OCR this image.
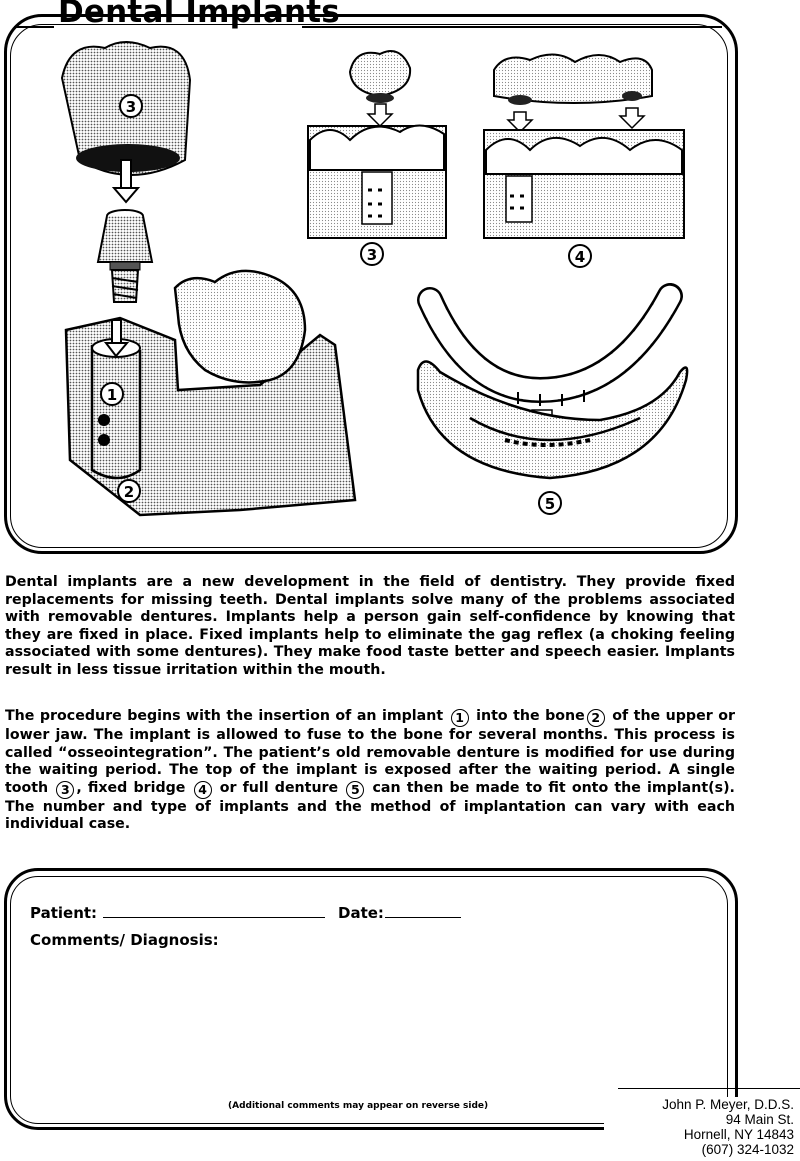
Dental Implants
3
1
2
3	4
5

Dental implants are a new development in the field of dentistry. They provide fixed replacements for missing teeth. Dental implants solve many of the problems associated with removable dentures. Implants help a person gain self-confidence by knowing that they are fixed in place. Fixed implants help to eliminate the gag reflex (a choking feeling associated with some dentures). They make food taste better and speech easier. Implants result in less tissue irritation within the mouth.

The procedure begins with the insertion of an implant 1 into the bone 2 of the upper or lower jaw. The implant is allowed to fuse to the bone for several months. This process is called “osseointegration”. The patient’s old removable denture is modified for use during the waiting period. The top of the implant is exposed after the waiting period. A single tooth 3 , fixed bridge 4 or full denture 5 can then be made to fit onto the implant(s). The number and type of implants and the method of implantation can vary with each individual case.

Patient:	Date:
Comments/ Diagnosis:
(Additional comments may appear on reverse side)	John P. Meyer, D.D.S.
94 Main St.
Hornell, NY 14843
(607) 324-1032
